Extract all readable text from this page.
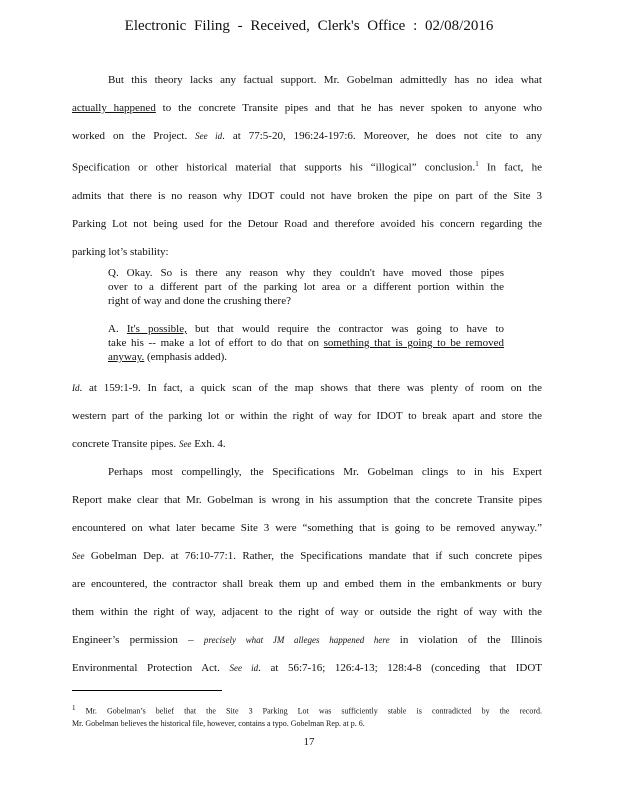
Electronic Filing - Received, Clerk's Office : 02/08/2016
But this theory lacks any factual support. Mr. Gobelman admittedly has no idea what
actually happened to the concrete Transite pipes and that he has never spoken to anyone who
worked on the Project. See id. at 77:5-20, 196:24-197:6. Moreover, he does not cite to any
Specification or other historical material that supports his “illogical” conclusion.$^1$ In fact, he
admits that there is no reason why IDOT could not have broken the pipe on part of the Site 3
Parking Lot not being used for the Detour Road and therefore avoided his concern regarding the
parking lot’s stability:
Q. Okay. So is there any reason why they couldn't have moved those pipes
over to a different part of the parking lot area or a different portion within the
right of way and done the crushing there?
A. It's possible, but that would require the contractor was going to have to
take his -- make a lot of effort to do that on something that is going to be removed
anyway. (emphasis added).
Id. at 159:1-9. In fact, a quick scan of the map shows that there was plenty of room on the
western part of the parking lot or within the right of way for IDOT to break apart and store the
concrete Transite pipes. See Exh. 4.
Perhaps most compellingly, the Specifications Mr. Gobelman clings to in his Expert
Report make clear that Mr. Gobelman is wrong in his assumption that the concrete Transite pipes
encountered on what later became Site 3 were “something that is going to be removed anyway.”
See Gobelman Dep. at 76:10-77:1. Rather, the Specifications mandate that if such concrete pipes
are encountered, the contractor shall break them up and embed them in the embankments or bury
them within the right of way, adjacent to the right of way or outside the right of way with the
Engineer’s permission – precisely what JM alleges happened here in violation of the Illinois
Environmental Protection Act. See id. at 56:7-16; 126:4-13; 128:4-8 (conceding that IDOT
$^1$ Mr. Gobelman’s belief that the Site 3 Parking Lot was sufficiently stable is contradicted by the record.
Mr. Gobelman believes the historical file, however, contains a typo. Gobelman Rep. at p. 6.
17
